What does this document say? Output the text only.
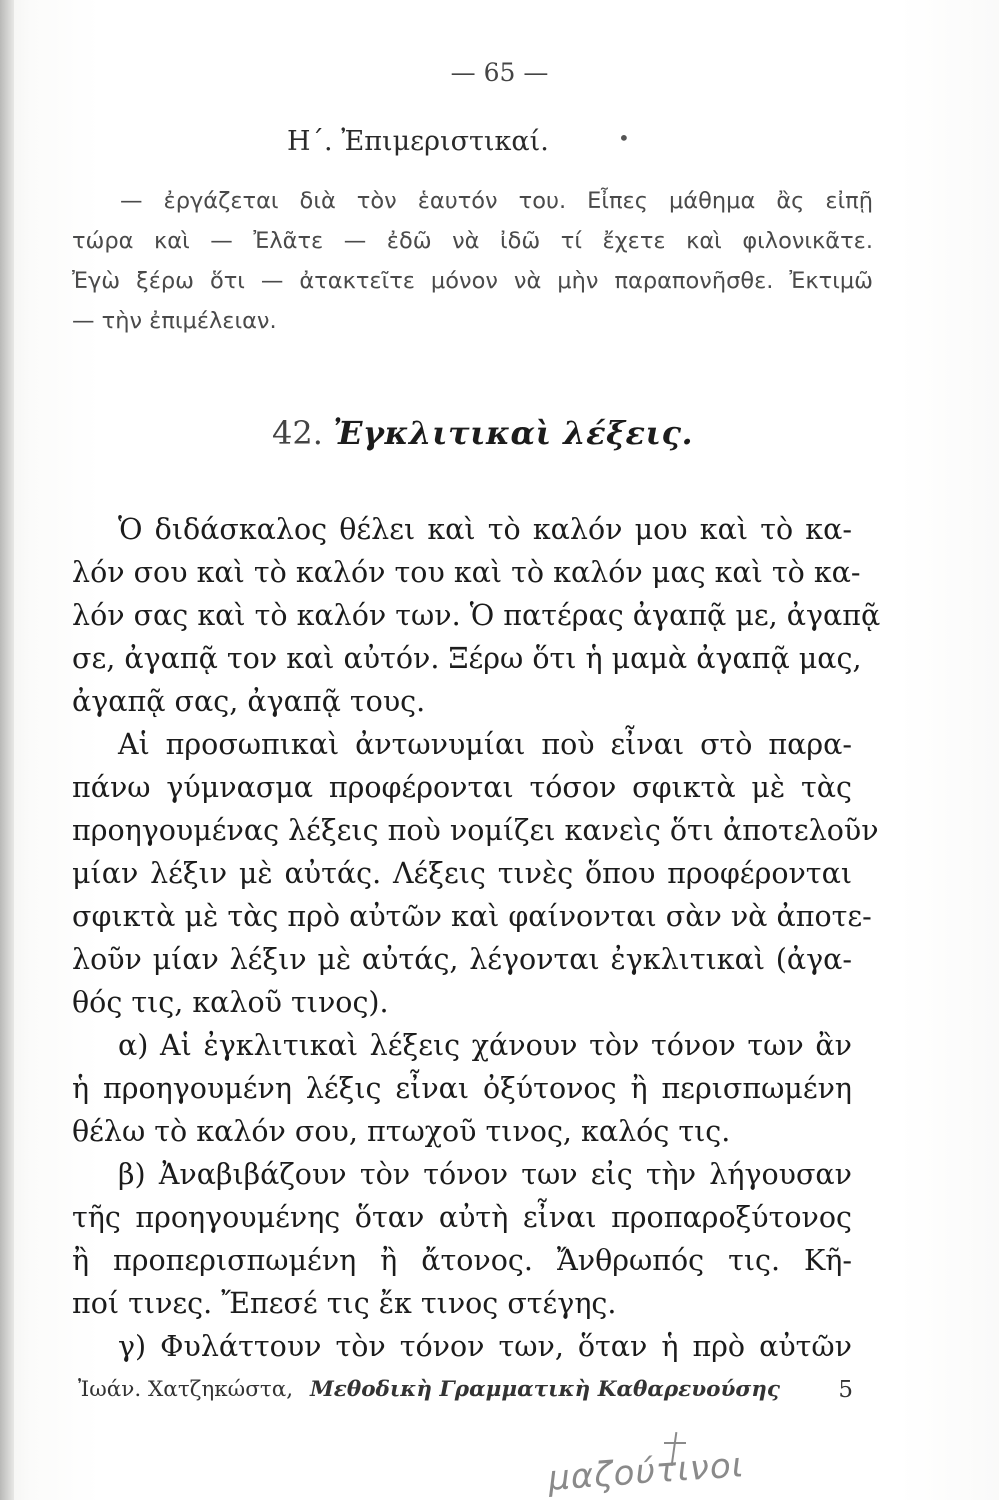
— 65 —
Η΄. Ἐπιμεριστικαί.	•
— ἐργάζεται διὰ τὸν ἑαυτόν του. Εἶπες μάθημα ἂς εἰπῇ
τώρα καὶ — Ἐλᾶτε — ἐδῶ νὰ ἰδῶ τί ἔχετε καὶ φιλονικᾶτε.
Ἐγὼ ξέρω ὅτι — ἀτακτεῖτε μόνον νὰ μὴν παραπονῆσθε. Ἐκτιμῶ
— τὴν ἐπιμέλειαν.
42. Ἐγκλιτικαὶ λέξεις.
Ὁ διδάσκαλος θέλει καὶ τὸ καλόν μου καὶ τὸ κα-
λόν σου καὶ τὸ καλόν του καὶ τὸ καλόν μας καὶ τὸ κα-
λόν σας καὶ τὸ καλόν των. Ὁ πατέρας ἀγαπᾷ με, ἀγαπᾷ
σε, ἀγαπᾷ τον καὶ αὐτόν. Ξέρω ὅτι ἡ μαμὰ ἀγαπᾷ μας,
ἀγαπᾷ σας, ἀγαπᾷ τους.
Αἱ προσωπικαὶ ἀντωνυμίαι ποὺ εἶναι στὸ παρα-
πάνω γύμνασμα προφέρονται τόσον σφικτὰ μὲ τὰς
προηγουμένας λέξεις ποὺ νομίζει κανεὶς ὅτι ἀποτελοῦν
μίαν λέξιν μὲ αὐτάς. Λέξεις τινὲς ὅπου προφέρονται
σφικτὰ μὲ τὰς πρὸ αὐτῶν καὶ φαίνονται σὰν νὰ ἀποτε-
λοῦν μίαν λέξιν μὲ αὐτάς, λέγονται ἐγκλιτικαὶ (ἀγα-
θός τις, καλοῦ τινος).
α) Αἱ ἐγκλιτικαὶ λέξεις χάνουν τὸν τόνον των ἂν
ἡ προηγουμένη λέξις εἶναι ὀξύτονος ἢ περισπωμένη
θέλω τὸ καλόν σου, πτωχοῦ τινος, καλός τις.
β) Ἀναβιβάζουν τὸν τόνον των εἰς τὴν λήγουσαν
τῆς προηγουμένης ὅταν αὐτὴ εἶναι προπαροξύτονος
ἢ προπερισπωμένη ἢ ἄτονος. Ἄνθρωπός τις. Κῆ-
ποί τινες. Ἔπεσέ τις ἔκ τινος στέγης.
γ) Φυλάττουν τὸν τόνον των, ὅταν ἡ πρὸ αὐτῶν
Ἰωάν. Χατζηκώστα, Μεθοδικὴ Γραμματικὴ Καθαρευούσης	5
μαζούτινοι
